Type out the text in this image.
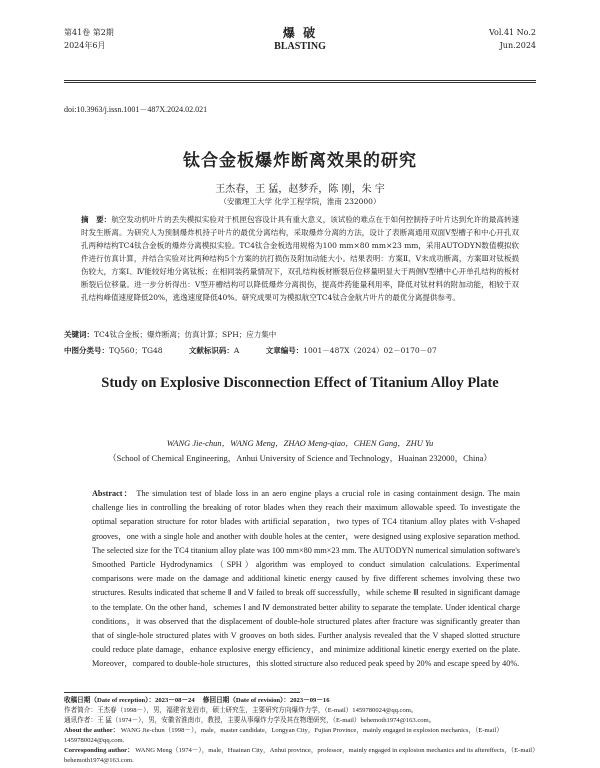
第41卷 第2期
2024年6月
爆 破
BLASTING
Vol.41 No.2
Jun.2024
doi:10.3963/j.issn.1001－487X.2024.02.021
钛合金板爆炸断离效果的研究
王杰春，王 猛，赵梦乔，陈 刚，朱 宇
（安徽理工大学 化学工程学院，淮南 232000）
摘　要：航空发动机叶片的丢失模拟实验对于机匣包容设计具有重大意义，该试验的难点在于如何控制持子叶片达到允许的最高转速时发生断离。为研究人为预制爆炸机持子叶片的最优分离结构，采取爆炸分离的方法，设计了表断离通用双面V型槽子和中心开孔双孔两种结构TC4钛合金板的爆炸分离模拟实验。TC4钛合金板选用规格为100 mm×80 mm×23 mm，采用AUTODYN数值模拟软件进行仿真计算，并结合实验对比两种结构5个方案的抗打损伤及附加动能大小。结果表明：方案Ⅱ、Ⅴ未成功断离，方案Ⅲ对钛板损伤较大，方案Ⅰ、Ⅳ能较好地分离钛板；在相同装药量情况下，双孔结构板材断裂后位移量明显大于两侧V型槽中心开单孔结构的板材断裂后位移量。进一步分析得出：V型开槽结构可以降低爆炸分离损伤，提高炸药能量利用率，降低对钛材料的附加动能，相较于双孔结构峰值速度降低20%，逃逸速度降低40%。研究成果可为模拟航空TC4钛合金航片叶片的最优分离提供参考。
关键词：TC4钛合金板；爆炸断离；仿真计算；SPH；应力集中
中图分类号：TQ560；TG48	文献标识码：A	文章编号：1001－487X（2024）02－0170－07
Study on Explosive Disconnection Effect of Titanium Alloy Plate
WANG Jie-chun，WANG Meng，ZHAO Meng-qiao，CHEN Gang，ZHU Yu
（School of Chemical Engineering，Anhui University of Science and Technology，Huainan 232000，China）
Abstract： The simulation test of blade loss in an aero engine plays a crucial role in casing containment design. The main challenge lies in controlling the breaking of rotor blades when they reach their maximum allowable speed. To investigate the optimal separation structure for rotor blades with artificial separation，two types of TC4 titanium alloy plates with V-shaped grooves，one with a single hole and another with double holes at the center，were designed using explosive separation method. The selected size for the TC4 titanium alloy plate was 100 mm×80 mm×23 mm. The AUTODYN numerical simulation software's Smoothed Particle Hydrodynamics（SPH）algorithm was employed to conduct simulation calculations. Experimental comparisons were made on the damage and additional kinetic energy caused by five different schemes involving these two structures. Results indicated that scheme Ⅱ and Ⅴ failed to break off successfully，while scheme Ⅲ resulted in significant damage to the template. On the other hand，schemes Ⅰ and Ⅳ demonstrated better ability to separate the template. Under identical charge conditions，it was observed that the displacement of double-hole structured plates after fracture was significantly greater than that of single-hole structured plates with V grooves on both sides. Further analysis revealed that the V shaped slotted structure could reduce plate damage，enhance explosive energy efficiency，and minimize additional kinetic energy exerted on the plate. Moreover，compared to double-hole structures，this slotted structure also reduced peak speed by 20% and escape speed by 40%.
收稿日期（Date of reception）：2023－08－24 修回日期（Date of revision）：2023－09－16
作者简介：王杰春（1998－），男，福建省龙岩市，硕士研究生，主要研究方向爆炸力学，（E-mail）1459780024@qq.com。
通讯作者：王 猛（1974－），男，安徽省淮南市，教授，主要从事爆炸力学及其在物理研究，（E-mail）behemoth1974@163.com。
About the author： WANG Jie-chun（1998－），male，master candidate，Longyan City，Fujian Province，mainly engaged in explosion mechanics，（E-mail）1459780024@qq.com.
Corresponding author： WANG Meng（1974－），male，Huainan City，Anhui province，professor，mainly engaged in explosion mechanics and its aftereffects，（E-mail）behemoth1974@163.com.
